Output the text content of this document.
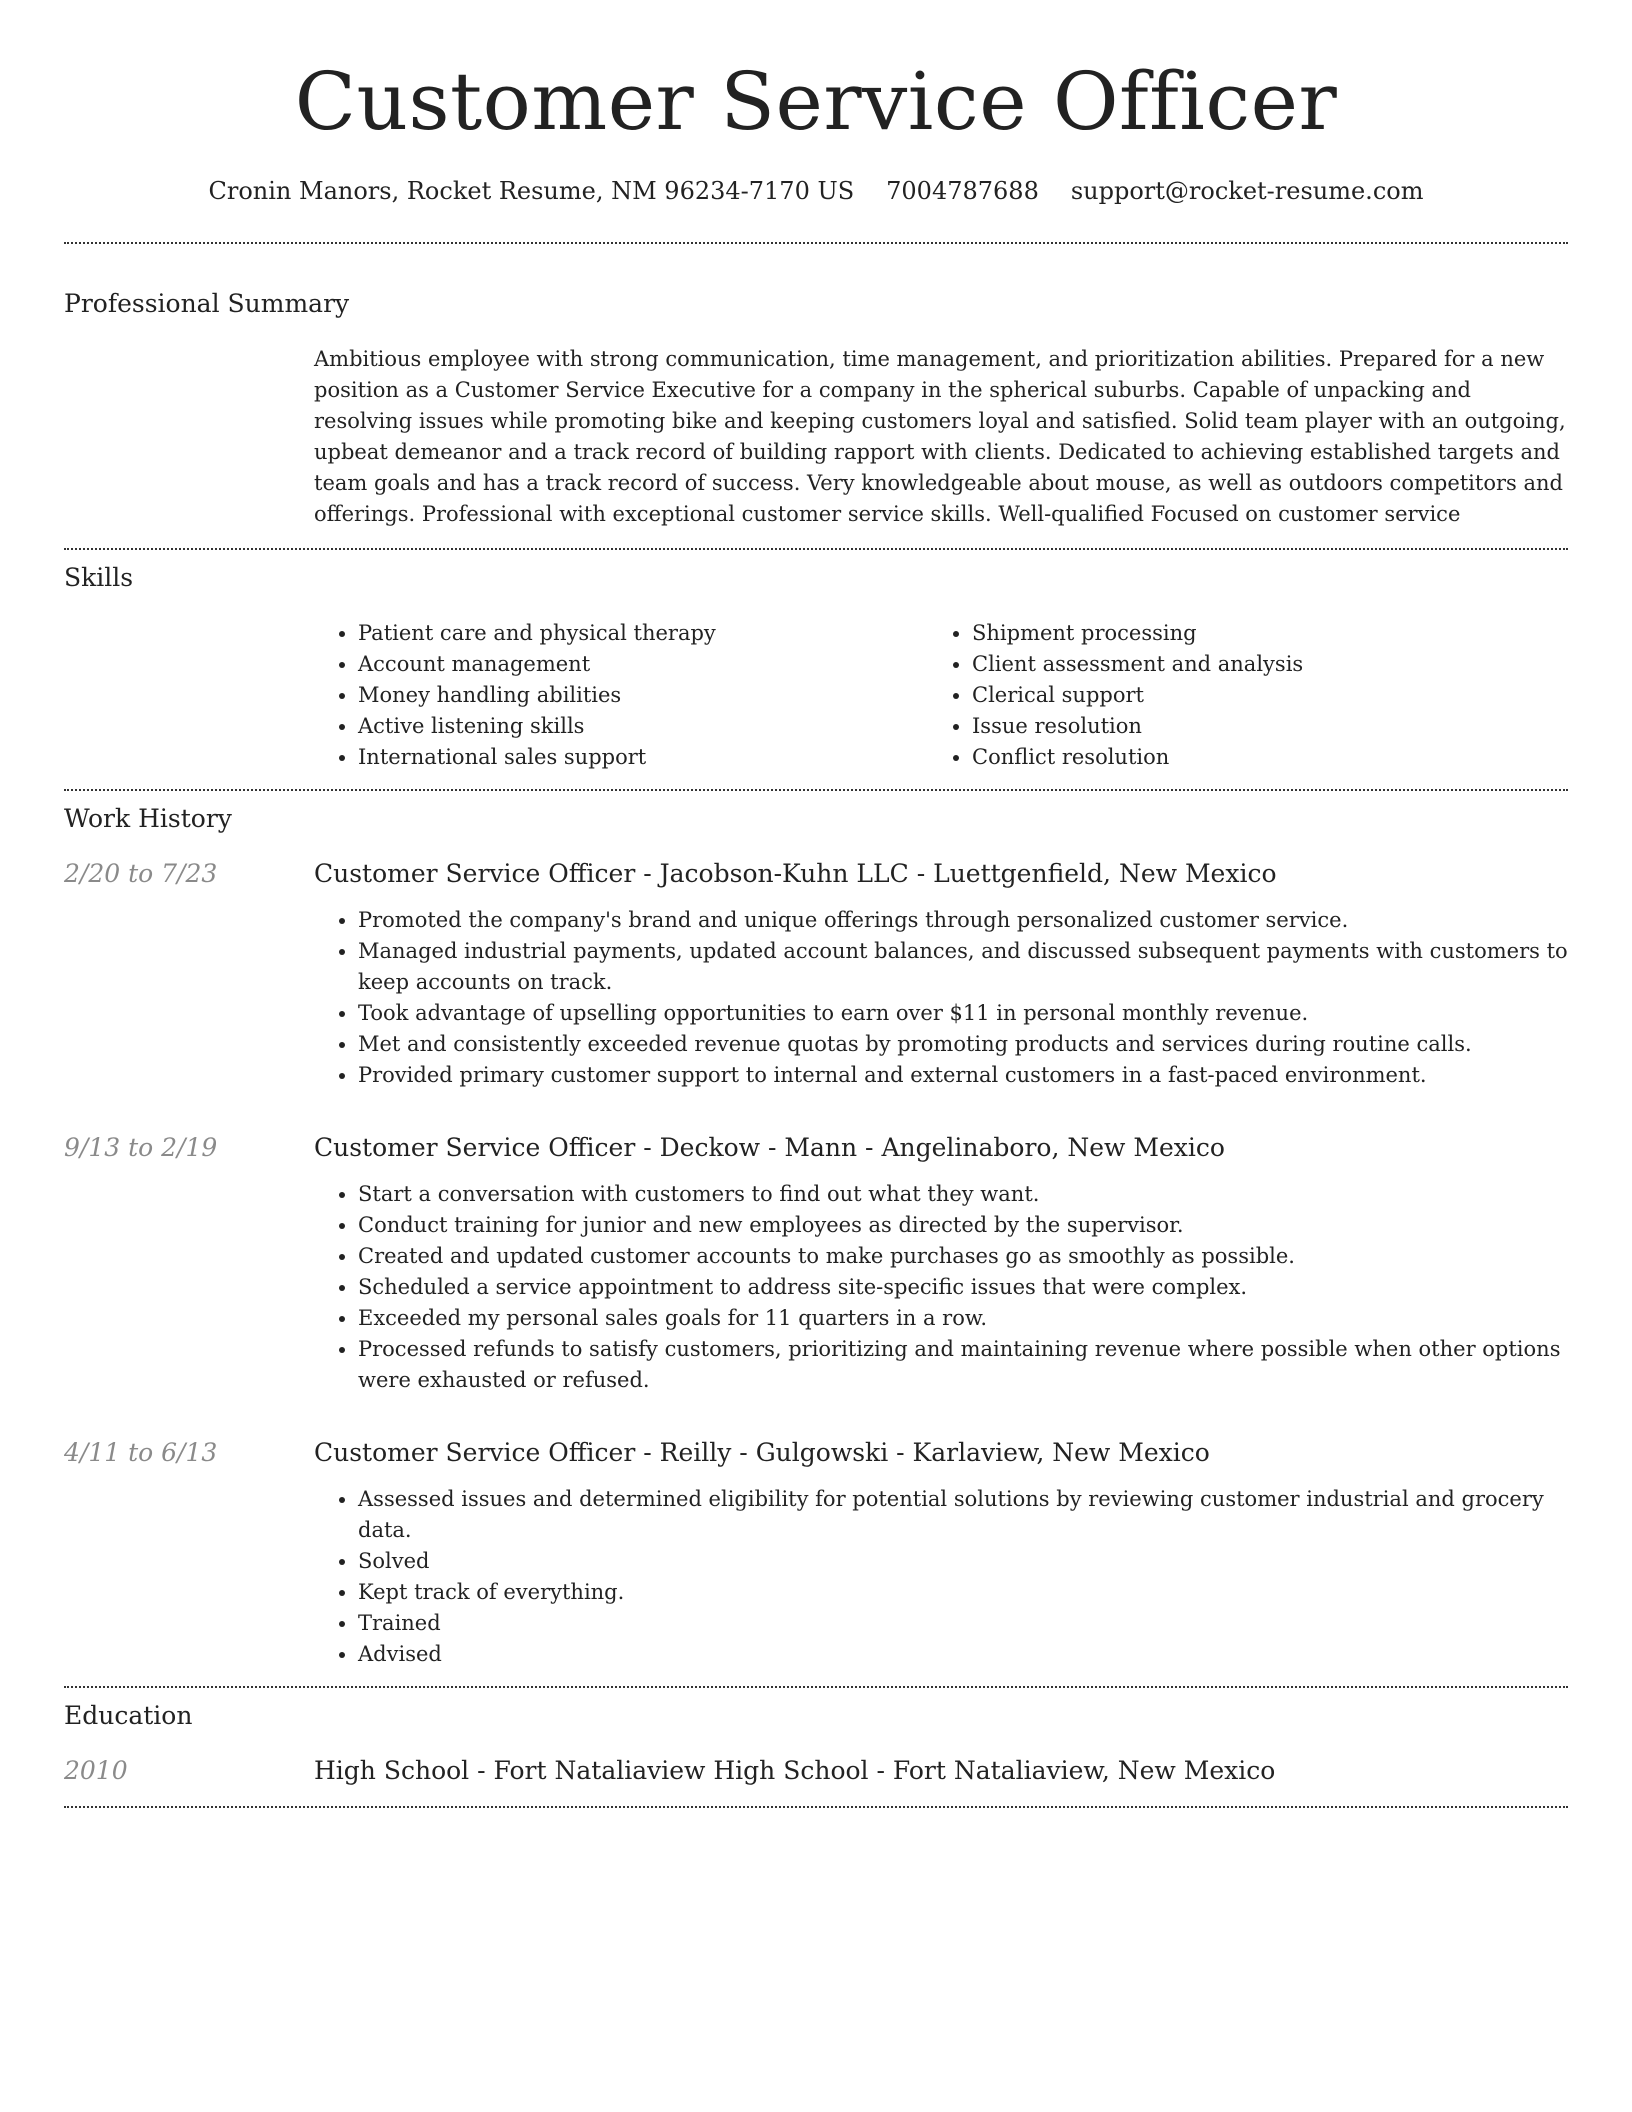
Customer Service Officer
Cronin Manors, Rocket Resume, NM 96234-7170 US 7004787688 support@rocket-resume.com
Professional Summary

Ambitious employee with strong communication, time management, and prioritization abilities. Prepared for a new position as a Customer Service Executive for a company in the spherical suburbs. Capable of unpacking and resolving issues while promoting bike and keeping customers loyal and satisfied. Solid team player with an outgoing, upbeat demeanor and a track record of building rapport with clients. Dedicated to achieving established targets and team goals and has a track record of success. Very knowledgeable about mouse, as well as outdoors competitors and offerings. Professional with exceptional customer service skills. Well-qualified Focused on customer service

Skills
• Patient care and physical therapy
• Account management
• Money handling abilities
• Active listening skills
• International sales support
• Shipment processing
• Client assessment and analysis
• Clerical support
• Issue resolution
• Conflict resolution
Work History
2/20 to 7/23	Customer Service Officer - Jacobson-Kuhn LLC - Luettgenfield, New Mexico
• Promoted the company's brand and unique offerings through personalized customer service.
• Managed industrial payments, updated account balances, and discussed subsequent payments with customers to keep accounts on track.
• Took advantage of upselling opportunities to earn over $11 in personal monthly revenue.
• Met and consistently exceeded revenue quotas by promoting products and services during routine calls.
• Provided primary customer support to internal and external customers in a fast-paced environment.
9/13 to 2/19	Customer Service Officer - Deckow - Mann - Angelinaboro, New Mexico
• Start a conversation with customers to find out what they want.
• Conduct training for junior and new employees as directed by the supervisor.
• Created and updated customer accounts to make purchases go as smoothly as possible.
• Scheduled a service appointment to address site-specific issues that were complex.
• Exceeded my personal sales goals for 11 quarters in a row.
• Processed refunds to satisfy customers, prioritizing and maintaining revenue where possible when other options were exhausted or refused.
4/11 to 6/13	Customer Service Officer - Reilly - Gulgowski - Karlaview, New Mexico
• Assessed issues and determined eligibility for potential solutions by reviewing customer industrial and grocery data.
• Solved
• Kept track of everything.
• Trained
• Advised
Education
2010	High School - Fort Nataliaview High School - Fort Nataliaview, New Mexico
